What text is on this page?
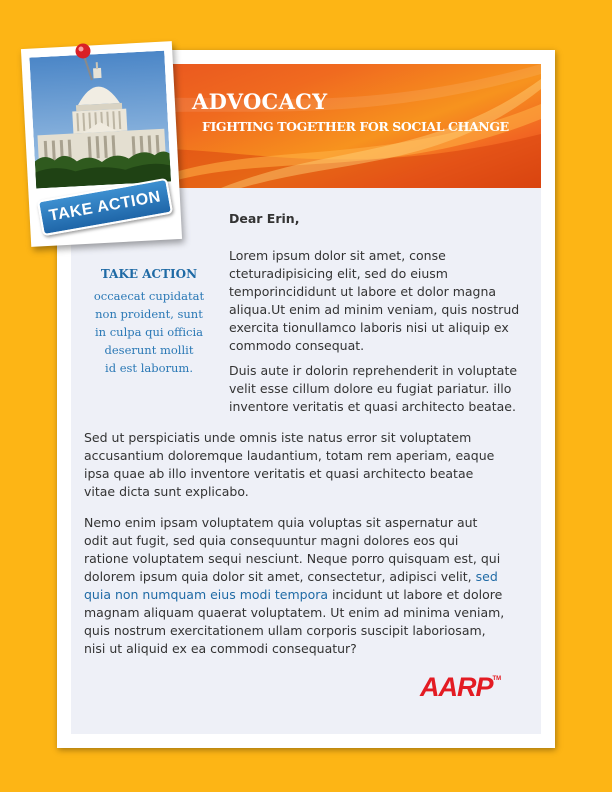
ADVOCACY
FIGHTING TOGETHER FOR SOCIAL CHANGE
TAKE ACTION
TAKE ACTION
occaecat cupidatat
non proident, sunt
in culpa qui officia
deserunt mollit
id est laborum.
Dear Erin,
Lorem ipsum dolor sit amet, conse
cteturadipisicing elit, sed do eiusm
temporincididunt ut labore et dolor magna
aliqua.Ut enim ad minim veniam, quis nostrud
exercita tionullamco laboris nisi ut aliquip ex
commodo consequat.
Duis aute ir dolorin reprehenderit in voluptate
velit esse cillum dolore eu fugiat pariatur. illo
inventore veritatis et quasi architecto beatae.
Sed ut perspiciatis unde omnis iste natus error sit voluptatem
accusantium doloremque laudantium, totam rem aperiam, eaque
ipsa quae ab illo inventore veritatis et quasi architecto beatae
vitae dicta sunt explicabo.
Nemo enim ipsam voluptatem quia voluptas sit aspernatur aut
odit aut fugit, sed quia consequuntur magni dolores eos qui
ratione voluptatem sequi nesciunt. Neque porro quisquam est, qui
dolorem ipsum quia dolor sit amet, consectetur, adipisci velit, sed
quia non numquam eius modi tempora incidunt ut labore et dolore
magnam aliquam quaerat voluptatem. Ut enim ad minima veniam,
quis nostrum exercitationem ullam corporis suscipit laboriosam,
nisi ut aliquid ex ea commodi consequatur?
AARP™
